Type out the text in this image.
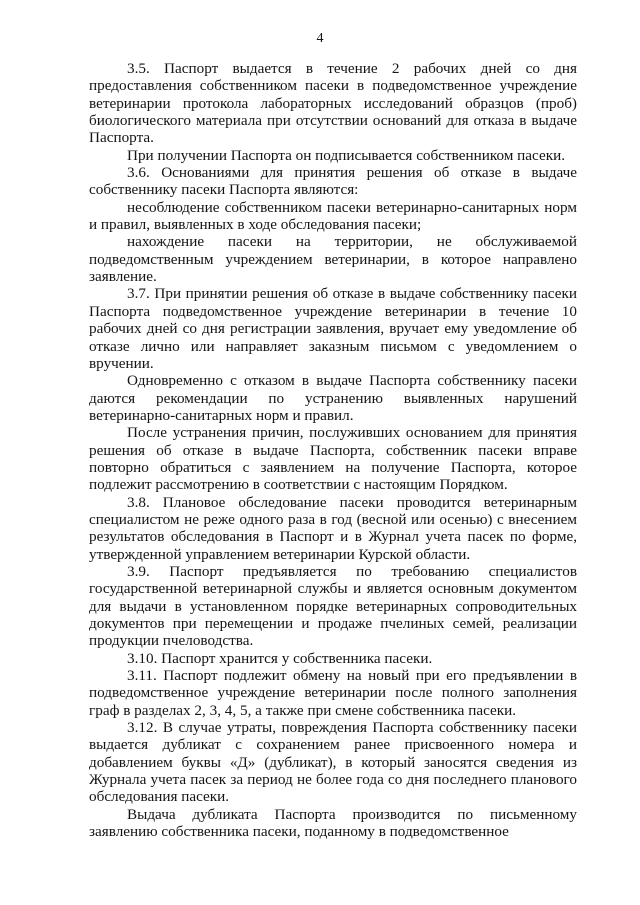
4

3.5. Паспорт выдается в течение 2 рабочих дней со дня предоставления собственником пасеки в подведомственное учреждение ветеринарии протокола лабораторных исследований образцов (проб) биологического материала при отсутствии оснований для отказа в выдаче Паспорта.

При получении Паспорта он подписывается собственником пасеки.

3.6. Основаниями для принятия решения об отказе в выдаче собственнику пасеки Паспорта являются:

несоблюдение собственником пасеки ветеринарно-санитарных норм и правил, выявленных в ходе обследования пасеки;

нахождение пасеки на территории, не обслуживаемой подведомственным учреждением ветеринарии, в которое направлено заявление.

3.7. При принятии решения об отказе в выдаче собственнику пасеки Паспорта подведомственное учреждение ветеринарии в течение 10 рабочих дней со дня регистрации заявления, вручает ему уведомление об отказе лично или направляет заказным письмом с уведомлением о вручении.

Одновременно с отказом в выдаче Паспорта собственнику пасеки даются рекомендации по устранению выявленных нарушений ветеринарно-санитарных норм и правил.

После устранения причин, послуживших основанием для принятия решения об отказе в выдаче Паспорта, собственник пасеки вправе повторно обратиться с заявлением на получение Паспорта, которое подлежит рассмотрению в соответствии с настоящим Порядком.

3.8. Плановое обследование пасеки проводится ветеринарным специалистом не реже одного раза в год (весной или осенью) с внесением результатов обследования в Паспорт и в Журнал учета пасек по форме, утвержденной управлением ветеринарии Курской области.

3.9. Паспорт предъявляется по требованию специалистов государственной ветеринарной службы и является основным документом для выдачи в установленном порядке ветеринарных сопроводительных документов при перемещении и продаже пчелиных семей, реализации продукции пчеловодства.

3.10. Паспорт хранится у собственника пасеки.

3.11. Паспорт подлежит обмену на новый при его предъявлении в подведомственное учреждение ветеринарии после полного заполнения граф в разделах 2, 3, 4, 5, а также при смене собственника пасеки.

3.12. В случае утраты, повреждения Паспорта собственнику пасеки выдается дубликат с сохранением ранее присвоенного номера и добавлением буквы «Д» (дубликат), в который заносятся сведения из Журнала учета пасек за период не более года со дня последнего планового обследования пасеки.

Выдача дубликата Паспорта производится по письменному заявлению собственника пасеки, поданному в подведомственное
